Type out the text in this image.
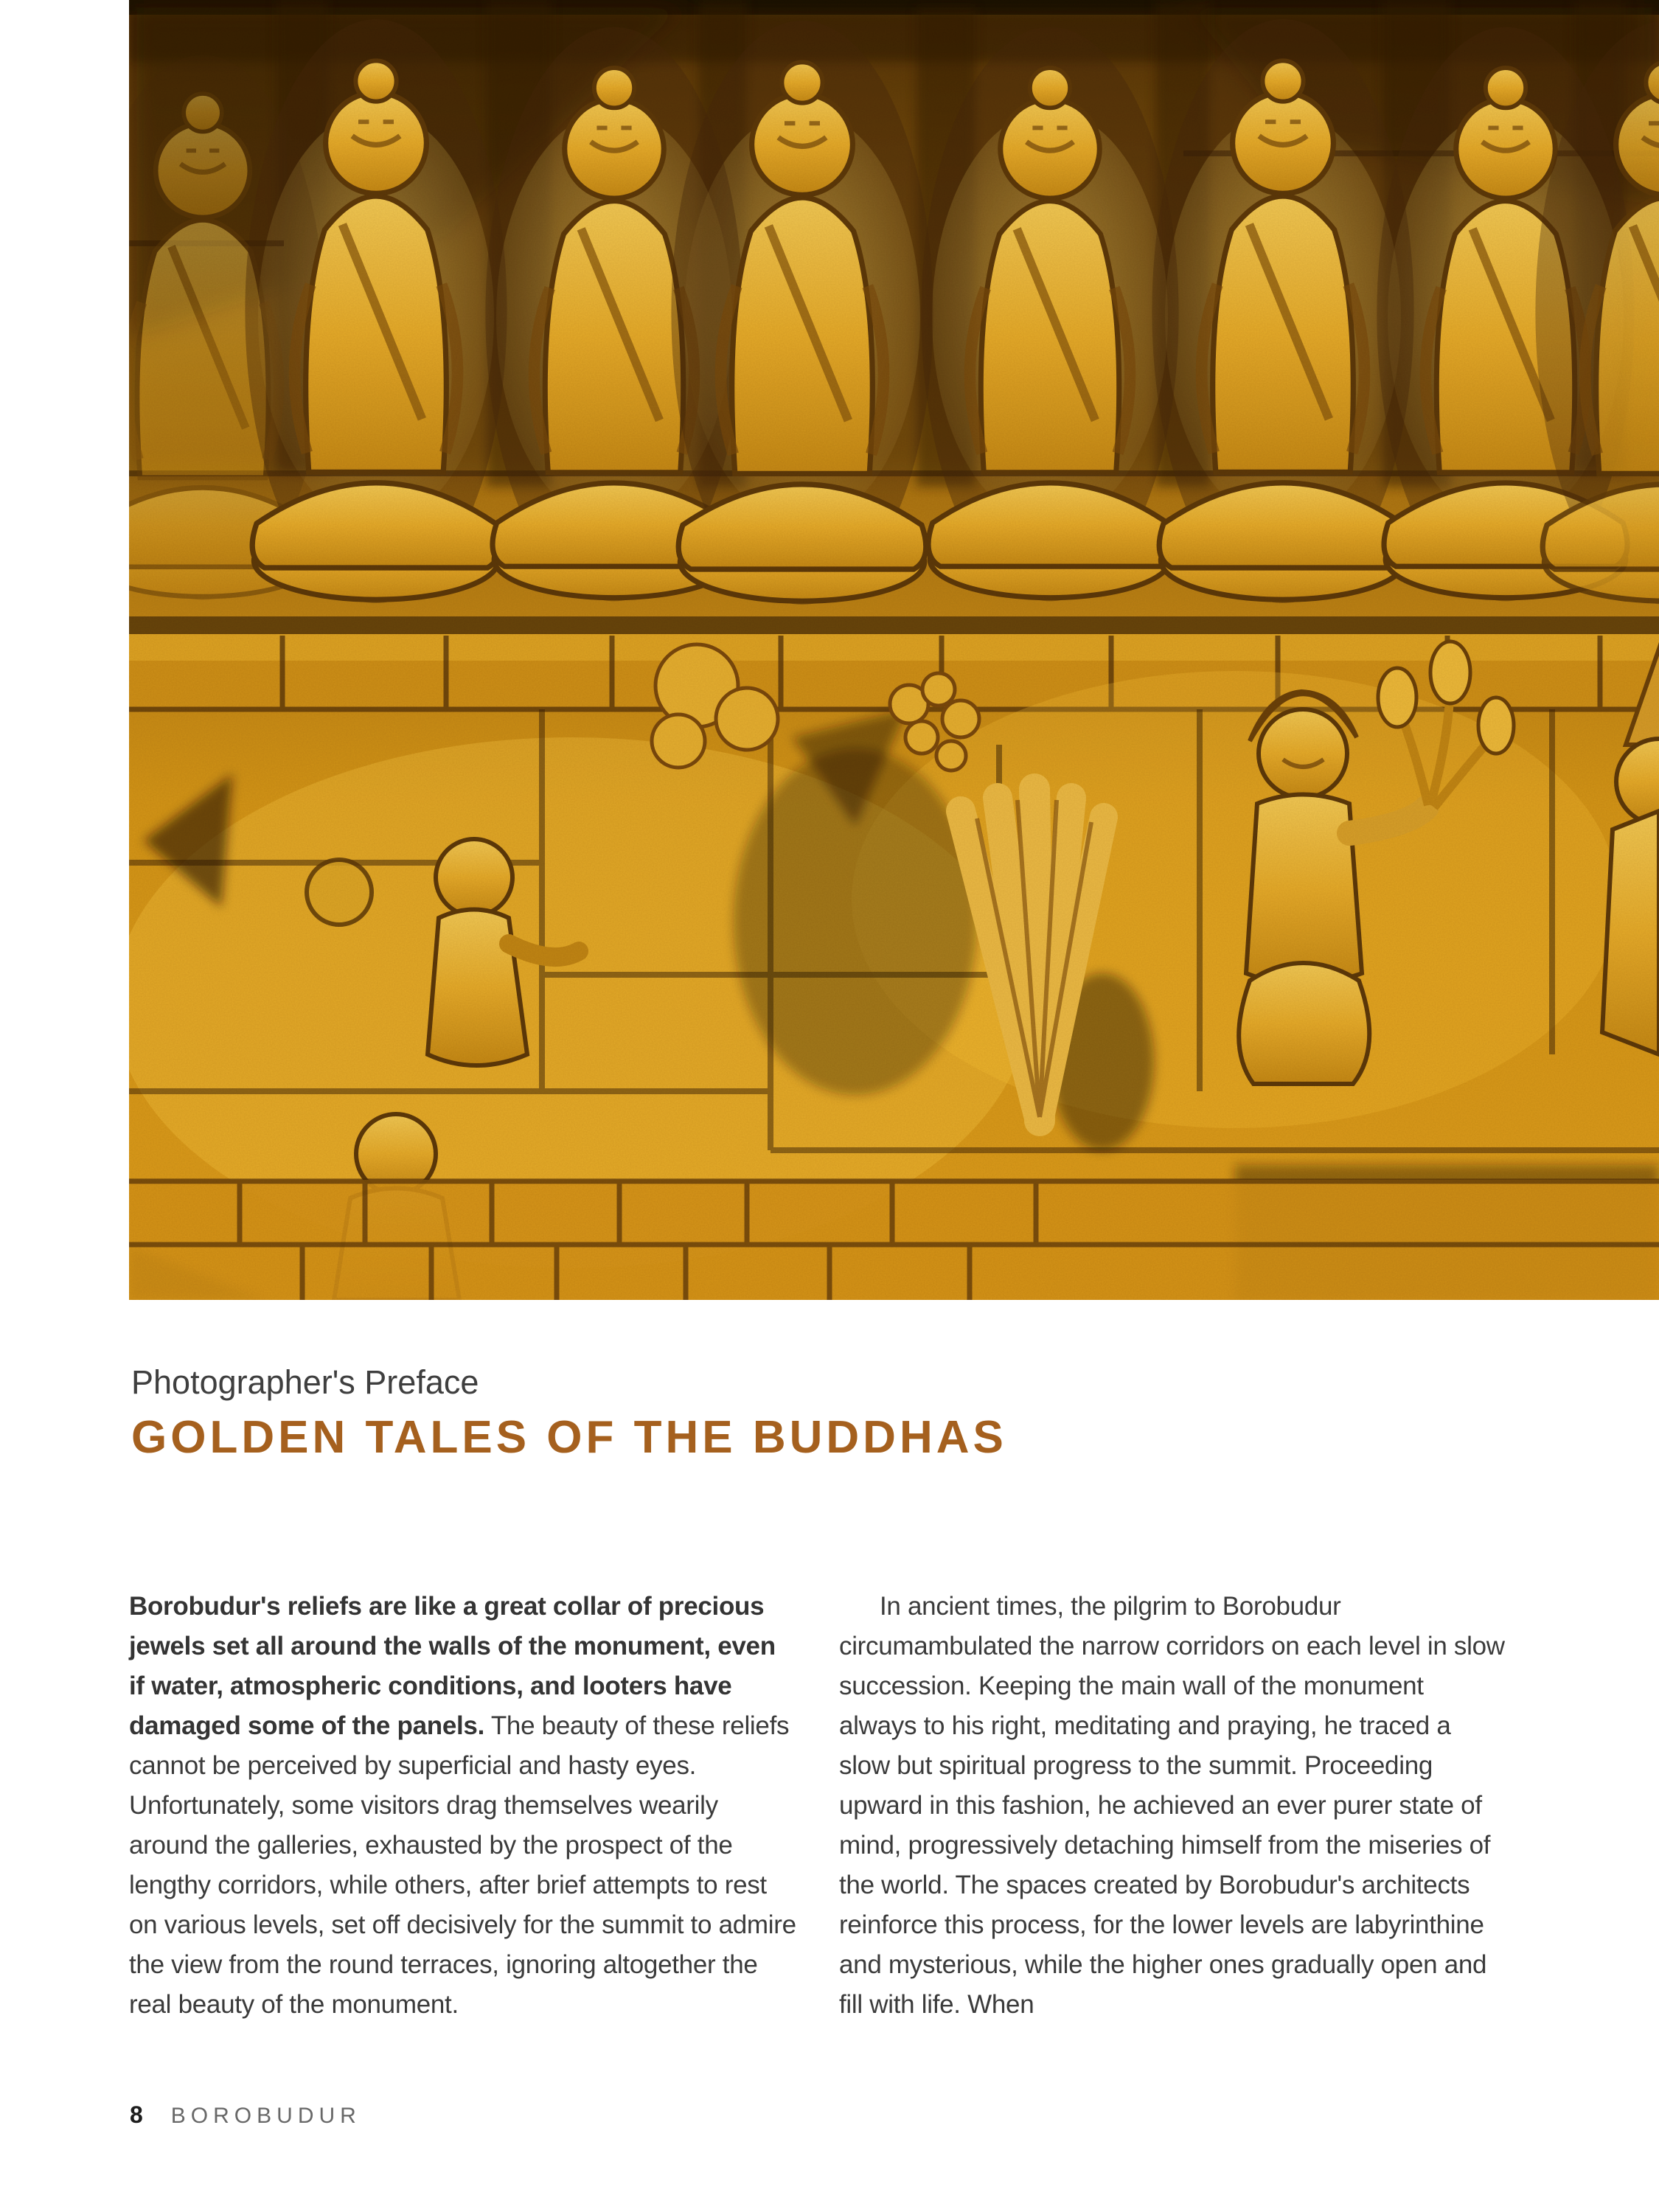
Photographer's Preface
GOLDEN TALES OF THE BUDDHAS

Borobudur's reliefs are like a great collar of precious jewels set all around the walls of the monument, even if water, atmospheric conditions, and looters have damaged some of the panels. The beauty of these reliefs cannot be perceived by superficial and hasty eyes. Unfortunately, some visitors drag themselves wearily around the galleries, exhausted by the prospect of the lengthy corridors, while others, after brief attempts to rest on various levels, set off decisively for the summit to admire the view from the round terraces, ignoring altogether the real beauty of the monument.

In ancient times, the pilgrim to Borobudur circumambulated the narrow corridors on each level in slow succession. Keeping the main wall of the monument always to his right, meditating and praying, he traced a slow but spiritual progress to the summit. Proceeding upward in this fashion, he achieved an ever purer state of mind, progressively detaching himself from the miseries of the world. The spaces created by Borobudur's architects reinforce this process, for the lower levels are labyrinthine and mysterious, while the higher ones gradually open and fill with life. When

8 BOROBUDUR
